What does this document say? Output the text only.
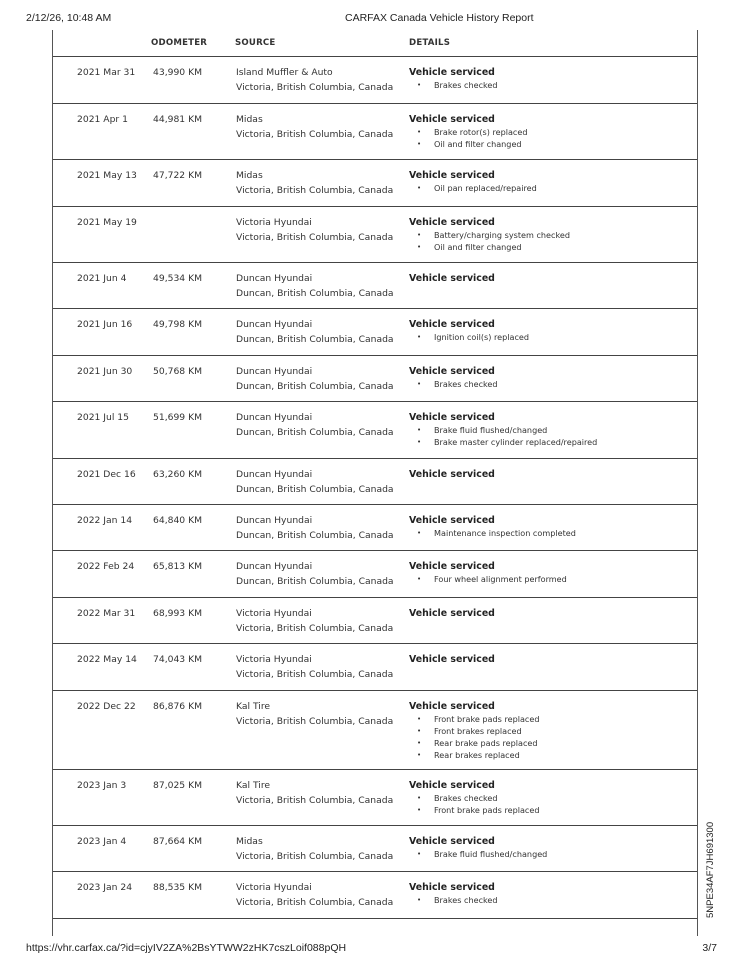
2/12/26, 10:48 AM	CARFAX Canada Vehicle History Report
ODOMETER	SOURCE	DETAILS
2021 Mar 31 43,990 KM	Island Muffler & Auto
Victoria, British Columbia, Canada
Vehicle serviced
• Brakes checked
2021 Apr 1	44,981 KM	Midas
Victoria, British Columbia, Canada
Vehicle serviced
• Brake rotor(s) replaced
• Oil and filter changed
2021 May 13 47,722 KM	Midas
Victoria, British Columbia, Canada
Vehicle serviced
• Oil pan replaced/repaired
2021 May 19	Victoria Hyundai
Victoria, British Columbia, Canada
Vehicle serviced
• Battery/charging system checked
• Oil and filter changed
2021 Jun 4	49,534 KM	Duncan Hyundai
Duncan, British Columbia, Canada
Vehicle serviced
2021 Jun 16 49,798 KM	Duncan Hyundai
Duncan, British Columbia, Canada
Vehicle serviced
• Ignition coil(s) replaced
2021 Jun 30 50,768 KM	Duncan Hyundai
Duncan, British Columbia, Canada
Vehicle serviced
• Brakes checked
2021 Jul 15	51,699 KM	Duncan Hyundai
Duncan, British Columbia, Canada
Vehicle serviced
• Brake fluid flushed/changed
• Brake master cylinder replaced/repaired
2021 Dec 16 63,260 KM	Duncan Hyundai
Duncan, British Columbia, Canada
Vehicle serviced
2022 Jan 14 64,840 KM	Duncan Hyundai
Duncan, British Columbia, Canada
Vehicle serviced
• Maintenance inspection completed
2022 Feb 24 65,813 KM	Duncan Hyundai
Duncan, British Columbia, Canada
Vehicle serviced
• Four wheel alignment performed
2022 Mar 31 68,993 KM	Victoria Hyundai
Victoria, British Columbia, Canada
Vehicle serviced
2022 May 14 74,043 KM	Victoria Hyundai
Victoria, British Columbia, Canada
Vehicle serviced
2022 Dec 22 86,876 KM	Kal Tire
Victoria, British Columbia, Canada
Vehicle serviced
• Front brake pads replaced
• Front brakes replaced
• Rear brake pads replaced
• Rear brakes replaced
2023 Jan 3	87,025 KM	Kal Tire
Victoria, British Columbia, Canada
Vehicle serviced
• Brakes checked
• Front brake pads replaced
2023 Jan 4	87,664 KM	Midas
Victoria, British Columbia, Canada
Vehicle serviced
• Brake fluid flushed/changed
2023 Jan 24 88,535 KM	Victoria Hyundai
Victoria, British Columbia, Canada
Vehicle serviced
• Brakes checked	5NPE34AF7JH691300
https://vhr.carfax.ca/?id=cjyIV2ZA%2BsYTWW2zHK7cszLoif088pQH	3/7
